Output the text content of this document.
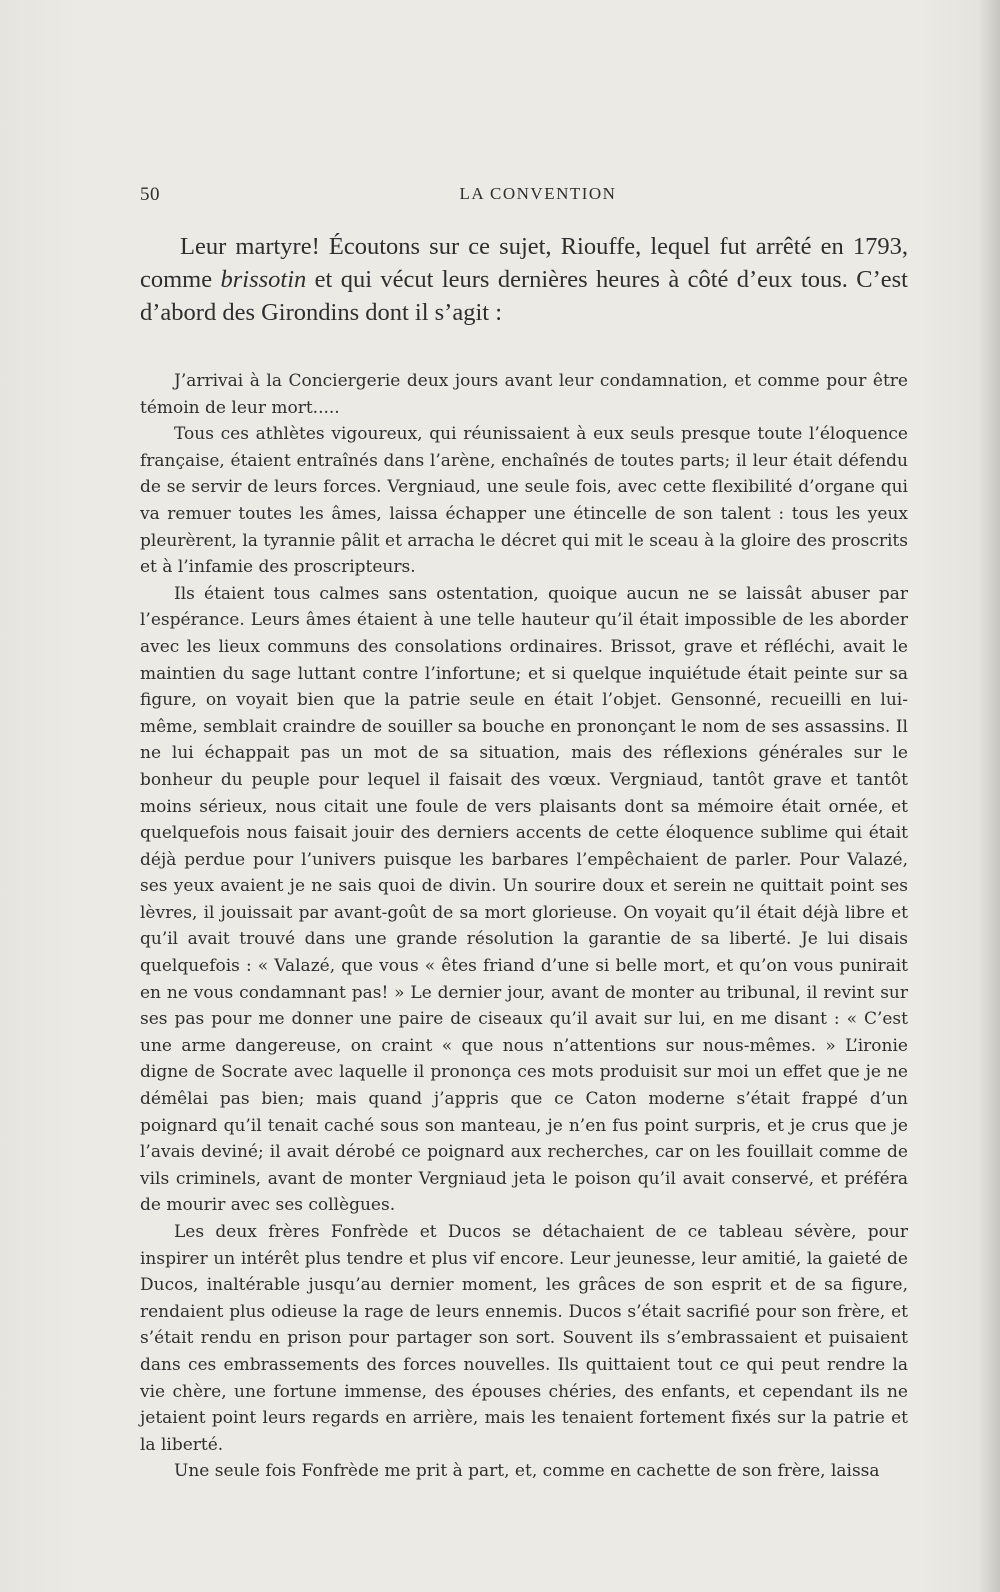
50	LA CONVENTION

Leur martyre! Écoutons sur ce sujet, Riouffe, lequel fut arrêté en 1793, comme brissotin et qui vécut leurs dernières heures à côté d’eux tous. C’est d’abord des Girondins dont il s’agit :

J’arrivai à la Conciergerie deux jours avant leur condamnation, et comme pour être témoin de leur mort.....

Tous ces athlètes vigoureux, qui réunissaient à eux seuls presque toute l’éloquence française, étaient entraînés dans l’arène, enchaînés de toutes parts; il leur était défendu de se servir de leurs forces. Vergniaud, une seule fois, avec cette flexibilité d’organe qui va remuer toutes les âmes, laissa échapper une étincelle de son talent : tous les yeux pleurèrent, la tyrannie pâlit et arracha le décret qui mit le sceau à la gloire des proscrits et à l’infamie des proscripteurs.

Ils étaient tous calmes sans ostentation, quoique aucun ne se laissât abuser par l’espérance. Leurs âmes étaient à une telle hauteur qu’il était impossible de les aborder avec les lieux communs des consolations ordinaires. Brissot, grave et réfléchi, avait le maintien du sage luttant contre l’infortune; et si quelque inquiétude était peinte sur sa figure, on voyait bien que la patrie seule en était l’objet. Gensonné, recueilli en lui-même, semblait craindre de souiller sa bouche en prononçant le nom de ses assassins. Il ne lui échappait pas un mot de sa situation, mais des réflexions générales sur le bonheur du peuple pour lequel il faisait des vœux. Vergniaud, tantôt grave et tantôt moins sérieux, nous citait une foule de vers plaisants dont sa mémoire était ornée, et quelquefois nous faisait jouir des derniers accents de cette éloquence sublime qui était déjà perdue pour l’univers puisque les barbares l’empêchaient de parler. Pour Valazé, ses yeux avaient je ne sais quoi de divin. Un sourire doux et serein ne quittait point ses lèvres, il jouissait par avant-goût de sa mort glorieuse. On voyait qu’il était déjà libre et qu’il avait trouvé dans une grande résolution la garantie de sa liberté. Je lui disais quelquefois : « Valazé, que vous « êtes friand d’une si belle mort, et qu’on vous punirait en ne vous condamnant pas! » Le dernier jour, avant de monter au tribunal, il revint sur ses pas pour me donner une paire de ciseaux qu’il avait sur lui, en me disant : « C’est une arme dangereuse, on craint « que nous n’attentions sur nous-mêmes. » L’ironie digne de Socrate avec laquelle il prononça ces mots produisit sur moi un effet que je ne démêlai pas bien; mais quand j’appris que ce Caton moderne s’était frappé d’un poignard qu’il tenait caché sous son manteau, je n’en fus point surpris, et je crus que je l’avais deviné; il avait dérobé ce poignard aux recherches, car on les fouillait comme de vils criminels, avant de monter Vergniaud jeta le poison qu’il avait conservé, et préféra de mourir avec ses collègues.

Les deux frères Fonfrède et Ducos se détachaient de ce tableau sévère, pour inspirer un intérêt plus tendre et plus vif encore. Leur jeunesse, leur amitié, la gaieté de Ducos, inaltérable jusqu’au dernier moment, les grâces de son esprit et de sa figure, rendaient plus odieuse la rage de leurs ennemis. Ducos s’était sacrifié pour son frère, et s’était rendu en prison pour partager son sort. Souvent ils s’embrassaient et puisaient dans ces embrassements des forces nouvelles. Ils quittaient tout ce qui peut rendre la vie chère, une fortune immense, des épouses chéries, des enfants, et cependant ils ne jetaient point leurs regards en arrière, mais les tenaient fortement fixés sur la patrie et la liberté.

Une seule fois Fonfrède me prit à part, et, comme en cachette de son frère, laissa
